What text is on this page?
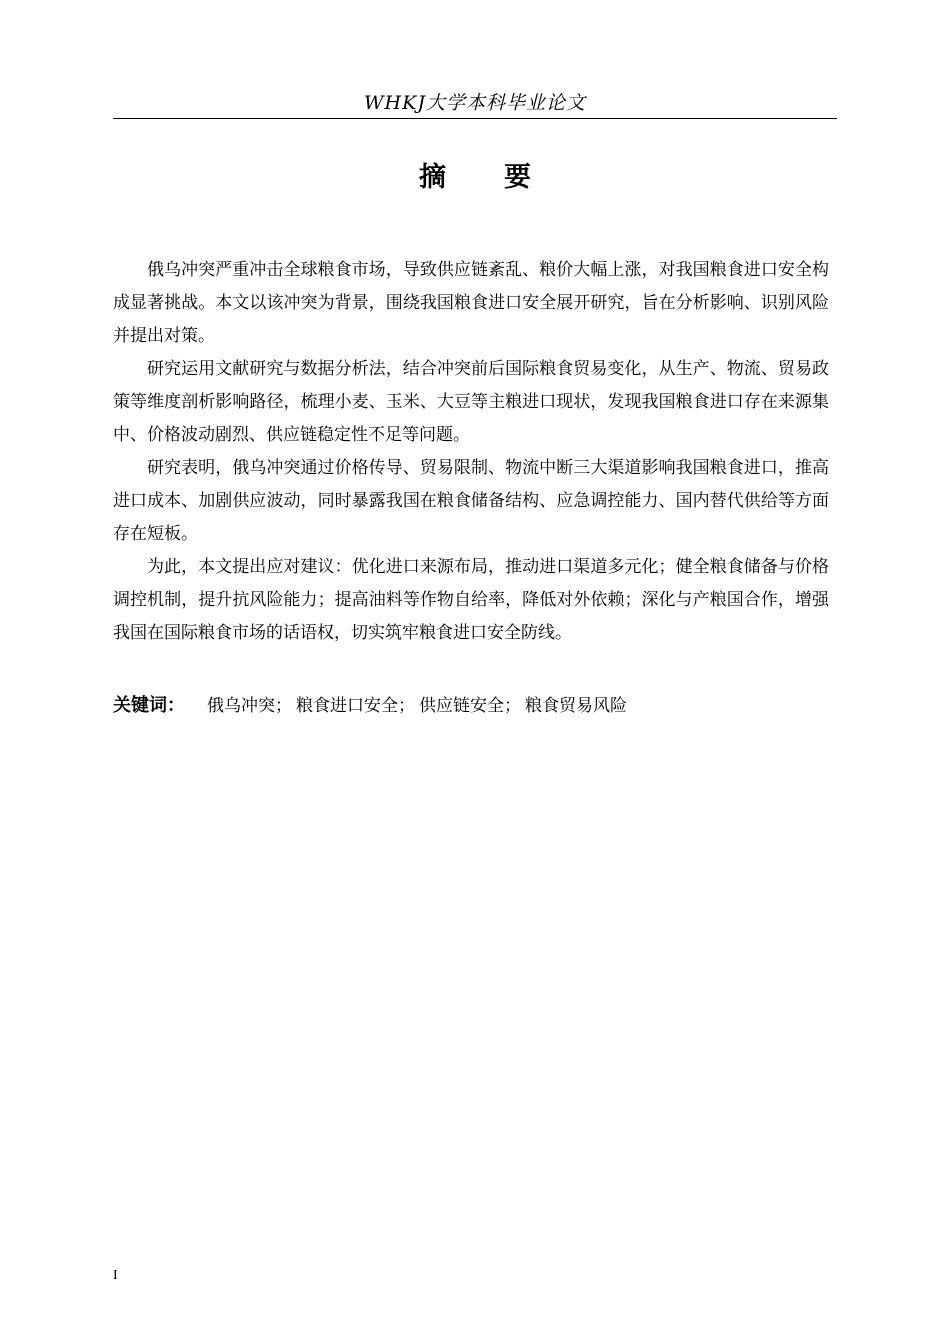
WHKJ大学本科毕业论文
摘要

俄乌冲突严重冲击全球粮食市场，导致供应链紊乱、粮价大幅上涨，对我国粮食进口安全构成显著挑战。本文以该冲突为背景，围绕我国粮食进口安全展开研究，旨在分析影响、识别风险并提出对策。

研究运用文献研究与数据分析法，结合冲突前后国际粮食贸易变化，从生产、物流、贸易政策等维度剖析影响路径，梳理小麦、玉米、大豆等主粮进口现状，发现我国粮食进口存在来源集中、价格波动剧烈、供应链稳定性不足等问题。

研究表明，俄乌冲突通过价格传导、贸易限制、物流中断三大渠道影响我国粮食进口，推高进口成本、加剧供应波动，同时暴露我国在粮食储备结构、应急调控能力、国内替代供给等方面存在短板。

为此，本文提出应对建议：优化进口来源布局，推动进口渠道多元化；健全粮食储备与价格调控机制，提升抗风险能力；提高油料等作物自给率，降低对外依赖；深化与产粮国合作，增强我国在国际粮食市场的话语权，切实筑牢粮食进口安全防线。

关键词： 俄乌冲突； 粮食进口安全； 供应链安全； 粮食贸易风险
I
